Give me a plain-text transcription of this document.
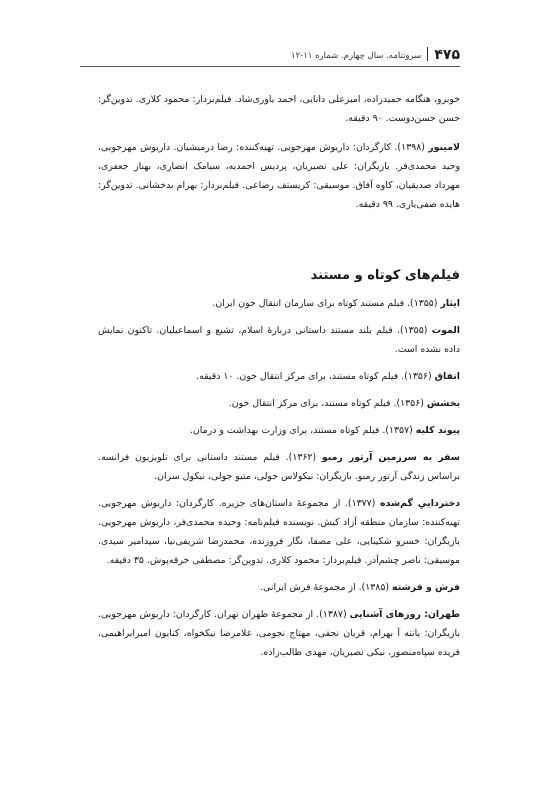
۴۷۵
سروتنامه. سال چهارم. شماره ۱۱-۱۲

خوبرو، هنگامه حمیدزاده، امیرعلی دانایی، احمد یاوری‌شاد. فیلم‌بردار: محمود کلاری. تدوین‌گر: حسن حسن‌دوست. ۹۰ دقیقه.

لامینور (۱۳۹۸). کارگردان: داریوش مهرجویی. تهیه‌کننده: رضا درمیشیان. داریوش مهرجویی، وحید محمدی‌فر. بازیگران: علی نصیریان، پردیس احمدیه، سیامک انصاری، بهناز جعفری، مهرداد صدیقیان، کاوه آفاق. موسیقی: کریستف رضاعی. فیلم‌بردار: بهرام بدخشانی. تدوین‌گر: هایده صفی‌یاری. ۹۹ دقیقه.

فیلم‌های کوتاه و مستند

ایثار (۱۳۵۵). فیلم مستند کوتاه برای سازمان انتقال خون ایران.

الموت (۱۳۵۵). فیلم بلند مستند داستانی دربارهٔ اسلام، تشیع و اسماعیلیان. تاکنون نمایش داده نشده است.

اتفاق (۱۳۵۶). فیلم کوتاه مستند، برای مرکز انتقال خون. ۱۰ دقیقه.

بخشش (۱۳۵۶). فیلم کوتاه مستند، برای مرکز انتقال خون.

پیوند کلیه (۱۳۵۷). فیلم کوتاه مستند، برای وزارت بهداشت و درمان.

سفر به سرزمین آرتور رمبو (۱۳۶۲). فیلم مستند داستانی برای تلویزیون فرانسه. براساس زندگی آرتور رمبو. بازیگران: نیکولاس جولی، متیو جولی، نیکول سران.

دخترداییِ گم‌شده (۱۳۷۷). از مجموعهٔ داستان‌های جزیره. کارگردان: داریوش مهرجویی. تهیه‌کننده: سازمان منطقه آزاد کیش. نویسنده فیلم‌نامه: وحیده محمدی‌فر، داریوش مهرجویی. بازیگران: خسرو شکیبایی، علی مصفا، نگار فروزنده، محمدرضا شریفی‌نیا، سیدامیر سیدی. موسیقی: ناصر چشم‌آذر. فیلم‌بردار: محمود کلاری. تدوین‌گر: مصطفی خرقه‌پوش. ۳۵ دقیقه.

فرش و فرشته (۱۳۸۵). از مجموعهٔ فرش ایرانی.

طهران: روزهای آشنایی (۱۳۸۷). از مجموعهٔ طهران تهران. کارگردان: داریوش مهرجویی. بازیگران: یانته آ بهرام، قربان نجفی، مهتاج نجومی، غلامرضا نیکخواه، کتایون امیرابراهیمی، فریده سپاه‌منصور، نیکی نصیریان، مهدی طالب‌زاده.
